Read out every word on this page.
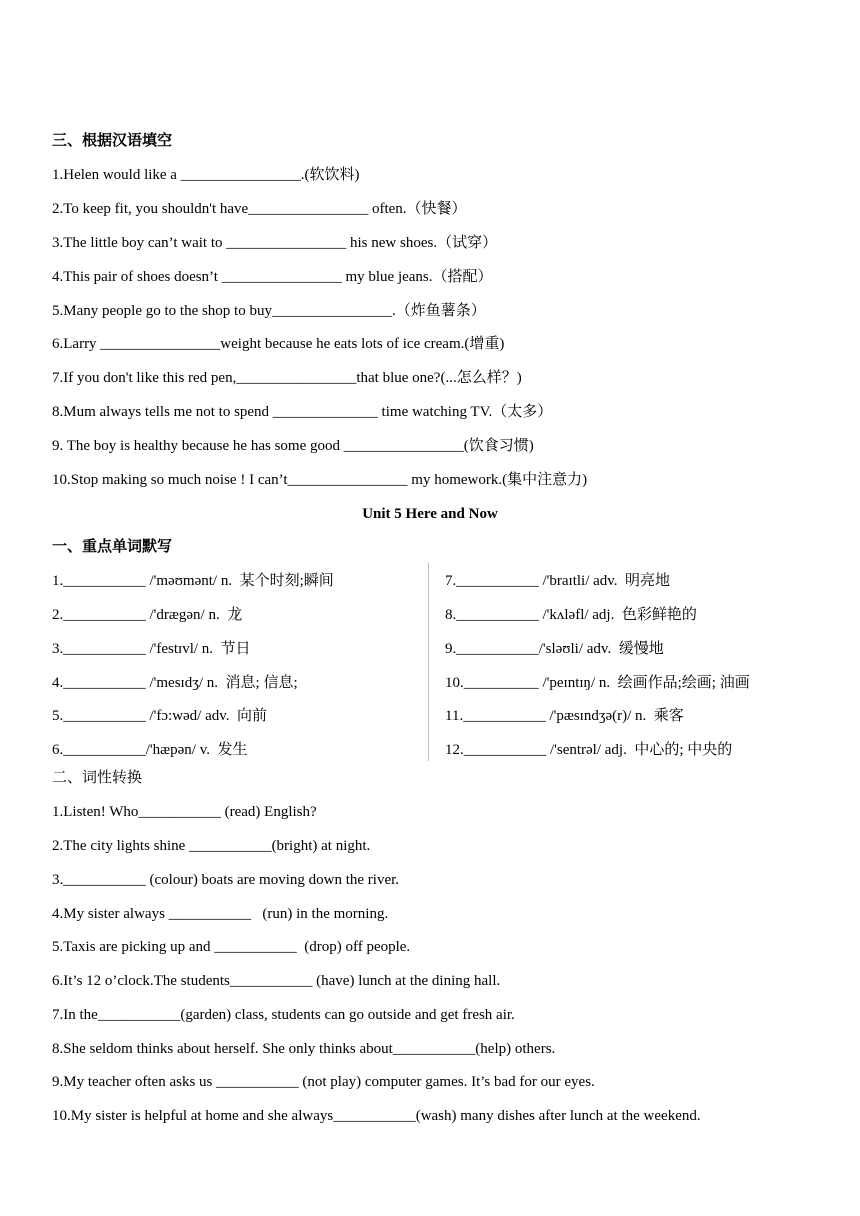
三、根据汉语填空
1.Helen would like a ________________.(软饮料)
2.To keep fit, you shouldn't have________________ often.（快餐）
3.The little boy can’t wait to ________________ his new shoes.（试穿）
4.This pair of shoes doesn’t ________________ my blue jeans.（搭配）
5.Many people go to the shop to buy________________.（炸鱼薯条）
6.Larry ________________weight because he eats lots of ice cream.(增重)
7.If you don't like this red pen,________________that blue one?(...怎么样？)
8.Mum always tells me not to spend ______________ time watching TV.（太多）
9. The boy is healthy because he has some good ________________(饮食习惯)
10.Stop making so much noise ! I can’t________________ my homework.(集中注意力)
Unit 5 Here and Now
一、重点单词默写
1.___________ /'məʊmənt/ n.  某个时刻;瞬间
2.___________ /'drægən/ n.  龙
3.___________ /'festɪvl/ n.  节日
4.___________ /'mesɪdʒ/ n.  消息; 信息;
5.___________ /'fɔ:wəd/ adv.  向前
6.___________/'hæpən/ v.  发生
7.___________ /'braɪtli/ adv.  明亮地
8.___________ /'kʌləfl/ adj.  色彩鲜艳的
9.___________/'sləʊli/ adv.  缓慢地
10.__________ /'peɪntɪŋ/ n.  绘画作品;绘画; 油画
11.___________ /'pæsɪndʒə(r)/ n.  乘客
12.___________ /'sentrəl/ adj.  中心的; 中央的
二、词性转换
1.Listen! Who___________ (read) English?
2.The city lights shine ___________(bright) at night.
3.___________ (colour) boats are moving down the river.
4.My sister always ___________   (run) in the morning.
5.Taxis are picking up and ___________  (drop) off people.
6.It’s 12 o’clock.The students___________ (have) lunch at the dining hall.
7.In the___________(garden) class, students can go outside and get fresh air.
8.She seldom thinks about herself. She only thinks about___________(help) others.
9.My teacher often asks us ___________ (not play) computer games. It’s bad for our eyes.
10.My sister is helpful at home and she always___________(wash) many dishes after lunch at the weekend.
